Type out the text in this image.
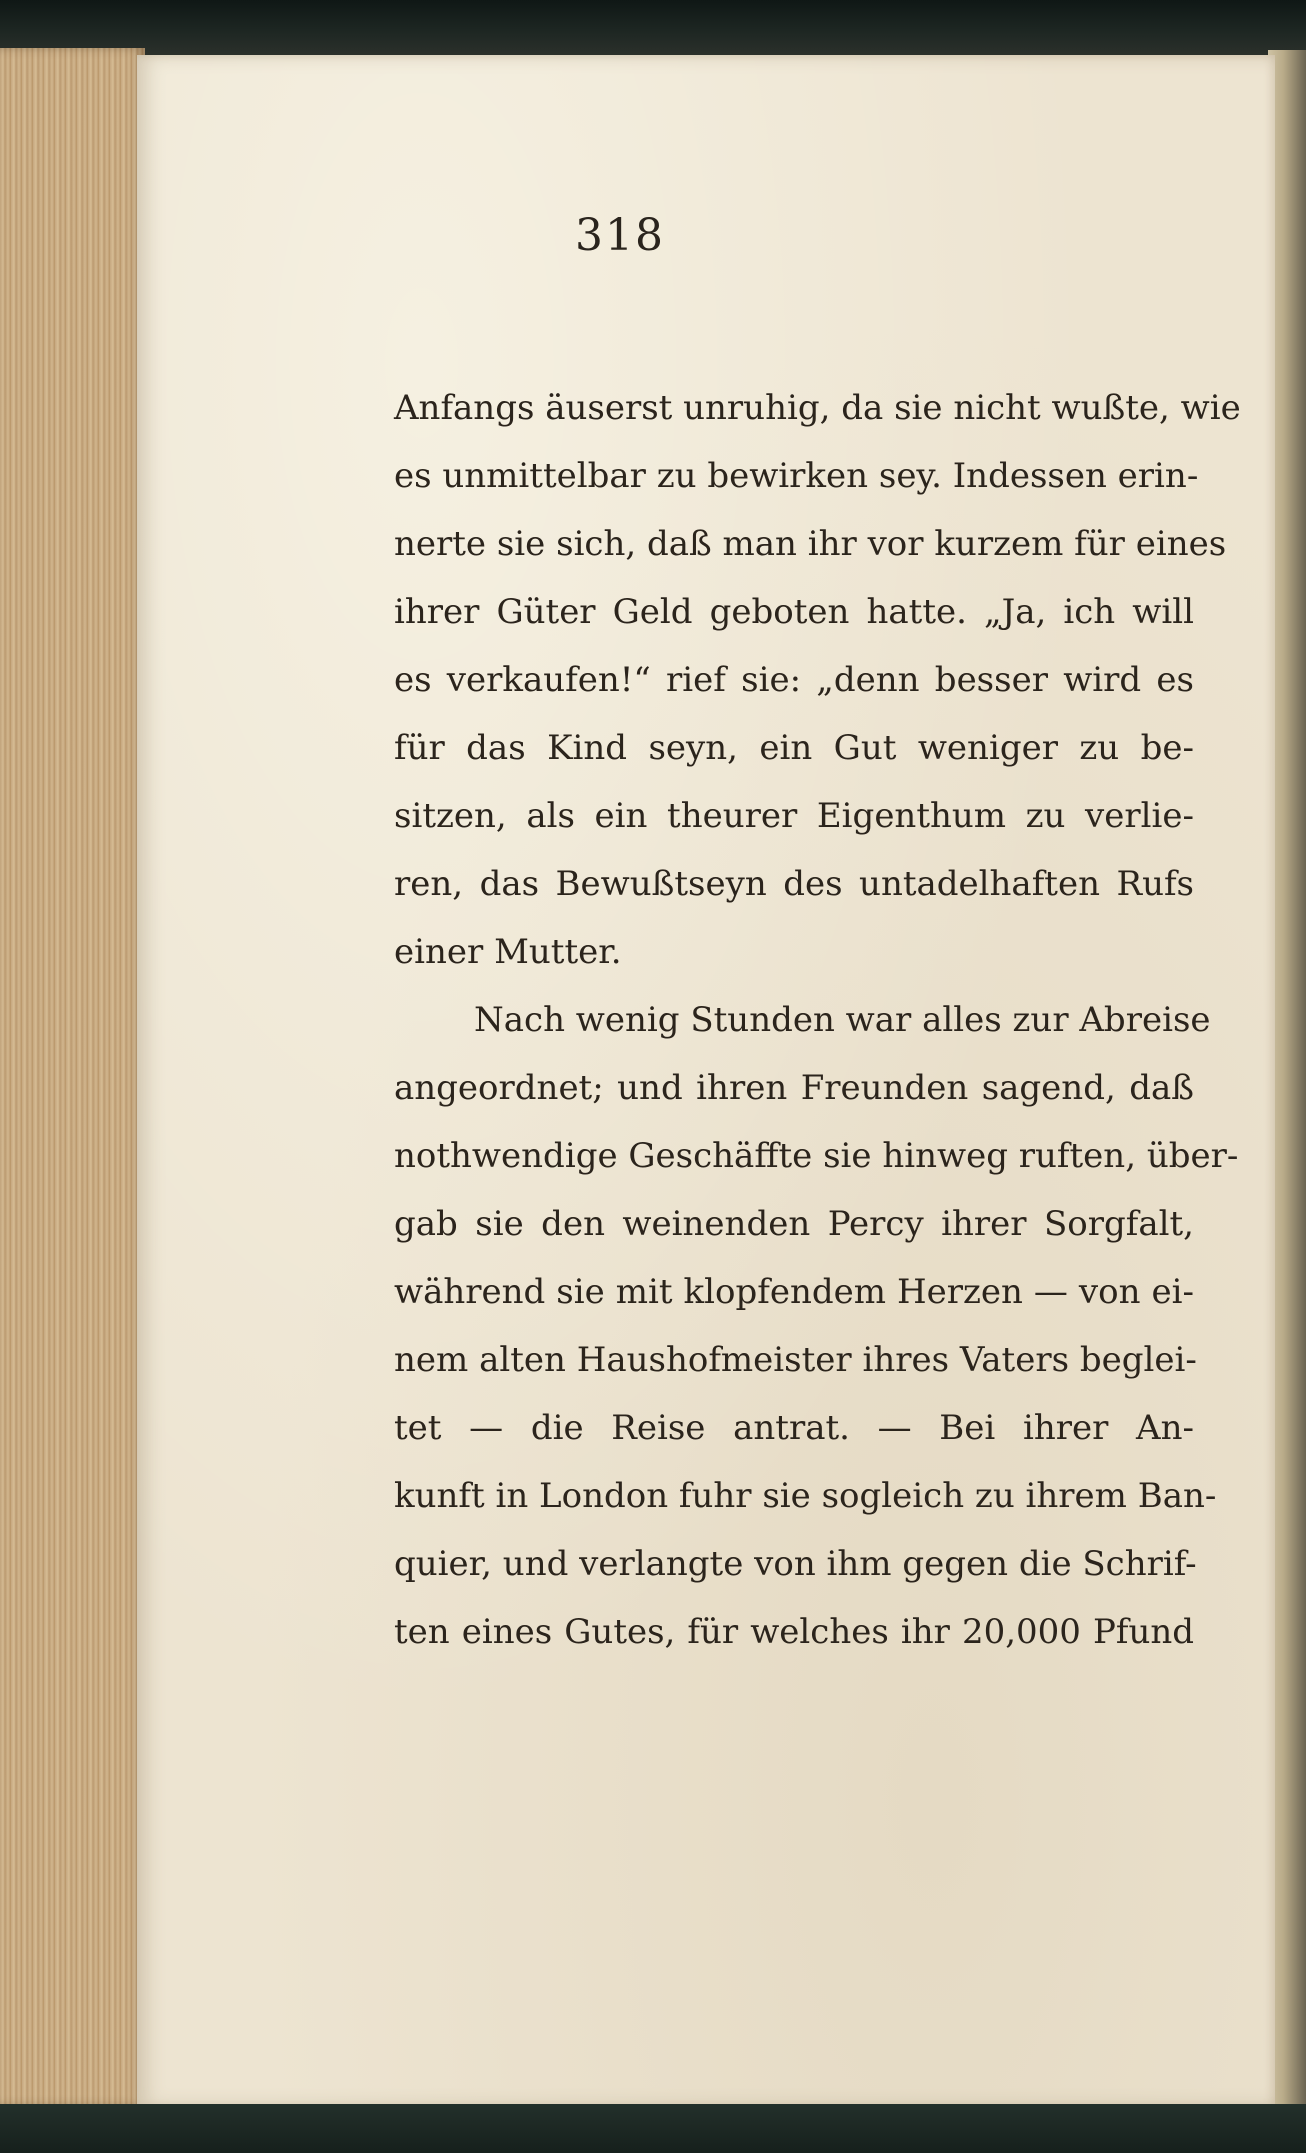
318
Anfangs äuserst unruhig, da sie nicht wußte, wie
es unmittelbar zu bewirken sey. Indessen erin-
nerte sie sich, daß man ihr vor kurzem für eines
ihrer Güter Geld geboten hatte. „Ja, ich will
es verkaufen!“ rief sie: „denn besser wird es
für das Kind seyn, ein Gut weniger zu be-
sitzen, als ein theurer Eigenthum zu verlie-
ren, das Bewußtseyn des untadelhaften Rufs
einer Mutter.
Nach wenig Stunden war alles zur Abreise
angeordnet; und ihren Freunden sagend, daß
nothwendige Geschäffte sie hinweg ruften, über-
gab sie den weinenden Percy ihrer Sorgfalt,
während sie mit klopfendem Herzen — von ei-
nem alten Haushofmeister ihres Vaters beglei-
tet — die Reise antrat. — Bei ihrer An-
kunft in London fuhr sie sogleich zu ihrem Ban-
quier, und verlangte von ihm gegen die Schrif-
ten eines Gutes, für welches ihr 20,000 Pfund
